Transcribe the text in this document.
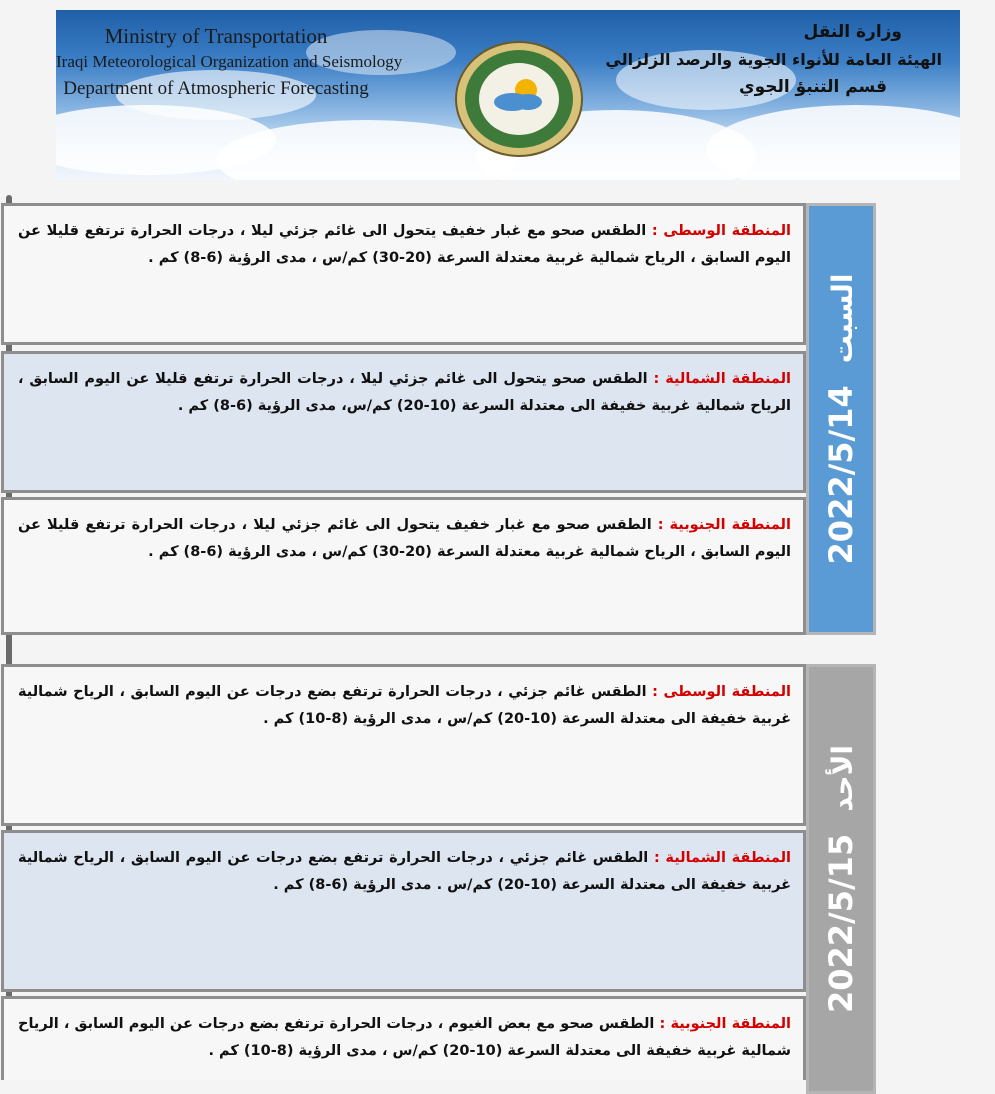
Ministry of Transportation
Iraqi Meteorological Organization and Seismology
Department of Atmospheric Forecasting
وزارة النقل
الهيئة العامة للأنواء الجوية والرصد الزلزالي
قسم التنبؤ الجوي
2022/5/14السبت
المنطقة الوسطى : الطقس صحو مع غبار خفيف يتحول الى غائم جزئي ليلا ، درجات الحرارة ترتفع قليلا عن اليوم السابق ، الرياح شمالية غربية معتدلة السرعة (20-30) كم/س ، مدى الرؤية (6-8) كم .
المنطقة الشمالية : الطقس صحو يتحول الى غائم جزئي ليلا ، درجات الحرارة ترتفع قليلا عن اليوم السابق ، الرياح شمالية غربية خفيفة الى معتدلة السرعة (10-20) كم/س، مدى الرؤية (6-8) كم .
المنطقة الجنوبية : الطقس صحو مع غبار خفيف يتحول الى غائم جزئي ليلا ، درجات الحرارة ترتفع قليلا عن اليوم السابق ، الرياح شمالية غربية معتدلة السرعة (20-30) كم/س ، مدى الرؤية (6-8) كم .
2022/5/15الأحد
المنطقة الوسطى : الطقس غائم جزئي ، درجات الحرارة ترتفع بضع درجات عن اليوم السابق ، الرياح شمالية غربية خفيفة الى معتدلة السرعة (10-20) كم/س ، مدى الرؤية (8-10) كم .
المنطقة الشمالية : الطقس غائم جزئي ، درجات الحرارة ترتفع بضع درجات عن اليوم السابق ، الرياح شمالية غربية خفيفة الى معتدلة السرعة (10-20) كم/س . مدى الرؤية (6-8) كم .
المنطقة الجنوبية : الطقس صحو مع بعض الغيوم ، درجات الحرارة ترتفع بضع درجات عن اليوم السابق ، الرياح شمالية غربية خفيفة الى معتدلة السرعة (10-20) كم/س ، مدى الرؤية (8-10) كم .
